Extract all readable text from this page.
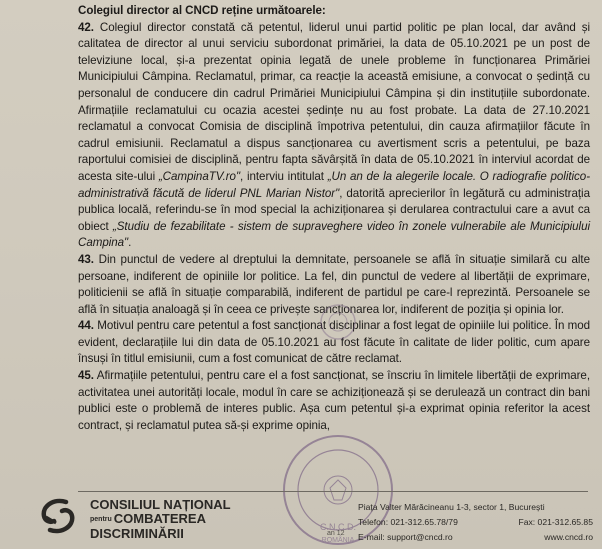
Colegiul director al CNCD reține următoarele:

42. Colegiul director constată că petentul, liderul unui partid politic pe plan local, dar având și calitatea de director al unui serviciu subordonat primăriei, la data de 05.10.2021 pe un post de televiziune local, și-a prezentat opinia legată de unele probleme în funcționarea Primăriei Municipiului Câmpina. Reclamatul, primar, ca reacție la această emisiune, a convocat o ședință cu personalul de conducere din cadrul Primăriei Municipiului Câmpina și din instituțiile subordonate. Afirmațiile reclamatului cu ocazia acestei ședințe nu au fost probate. La data de 27.10.2021 reclamatul a convocat Comisia de disciplină împotriva petentului, din cauza afirmațiilor făcute în cadrul emisiunii. Reclamatul a dispus sancționarea cu avertisment scris a petentului, pe baza raportului comisiei de disciplină, pentru fapta săvârșită în data de 05.10.2021 în interviul acordat de acesta site-ului „CampinaTV.ro", interviu intitulat „Un an de la alegerile locale. O radiografie politico-administrativă făcută de liderul PNL Marian Nistor", datorită aprecierilor în legătură cu administrația publica locală, referindu-se în mod special la achiziționarea și derularea contractului care a avut ca obiect „Studiu de fezabilitate - sistem de supraveghere video în zonele vulnerabile ale Municipiului Campina".

43. Din punctul de vedere al dreptului la demnitate, persoanele se află în situație similară cu alte persoane, indiferent de opiniile lor politice. La fel, din punctul de vedere al libertății de exprimare, politicienii se află în situație comparabilă, indiferent de partidul pe care-l reprezintă. Persoanele se află în situația analoagă și în ceea ce privește sancționarea lor, indiferent de poziția și opinia lor.

44. Motivul pentru care petentul a fost sancționat disciplinar a fost legat de opiniile lui politice. În mod evident, declarațiile lui din data de 05.10.2021 au fost făcute în calitate de lider politic, cum apare însuși în titlul emisiunii, cum a fost comunicat de către reclamat.

45. Afirmațiile petentului, pentru care el a fost sancționat, se înscriu în limitele libertății de exprimare, activitatea unei autorități locale, modul în care se achiziționează și se derulează un contract din bani publici este o problemă de interes public. Așa cum petentul și-a exprimat opinia referitor la acest contract, și reclamatul putea să-și exprime opinia,

C.N.C.D.
ROMÂNIA
CONSILIUL NAȚIONAL
pentru COMBATEREA
DISCRIMINĂRII	an 12
Piața Valter Mărăcineanu 1-3, sector 1, București
Telefon: 021-312.65.78/79	Fax: 021-312.65.85
E-mail: support@cncd.ro	www.cncd.ro
